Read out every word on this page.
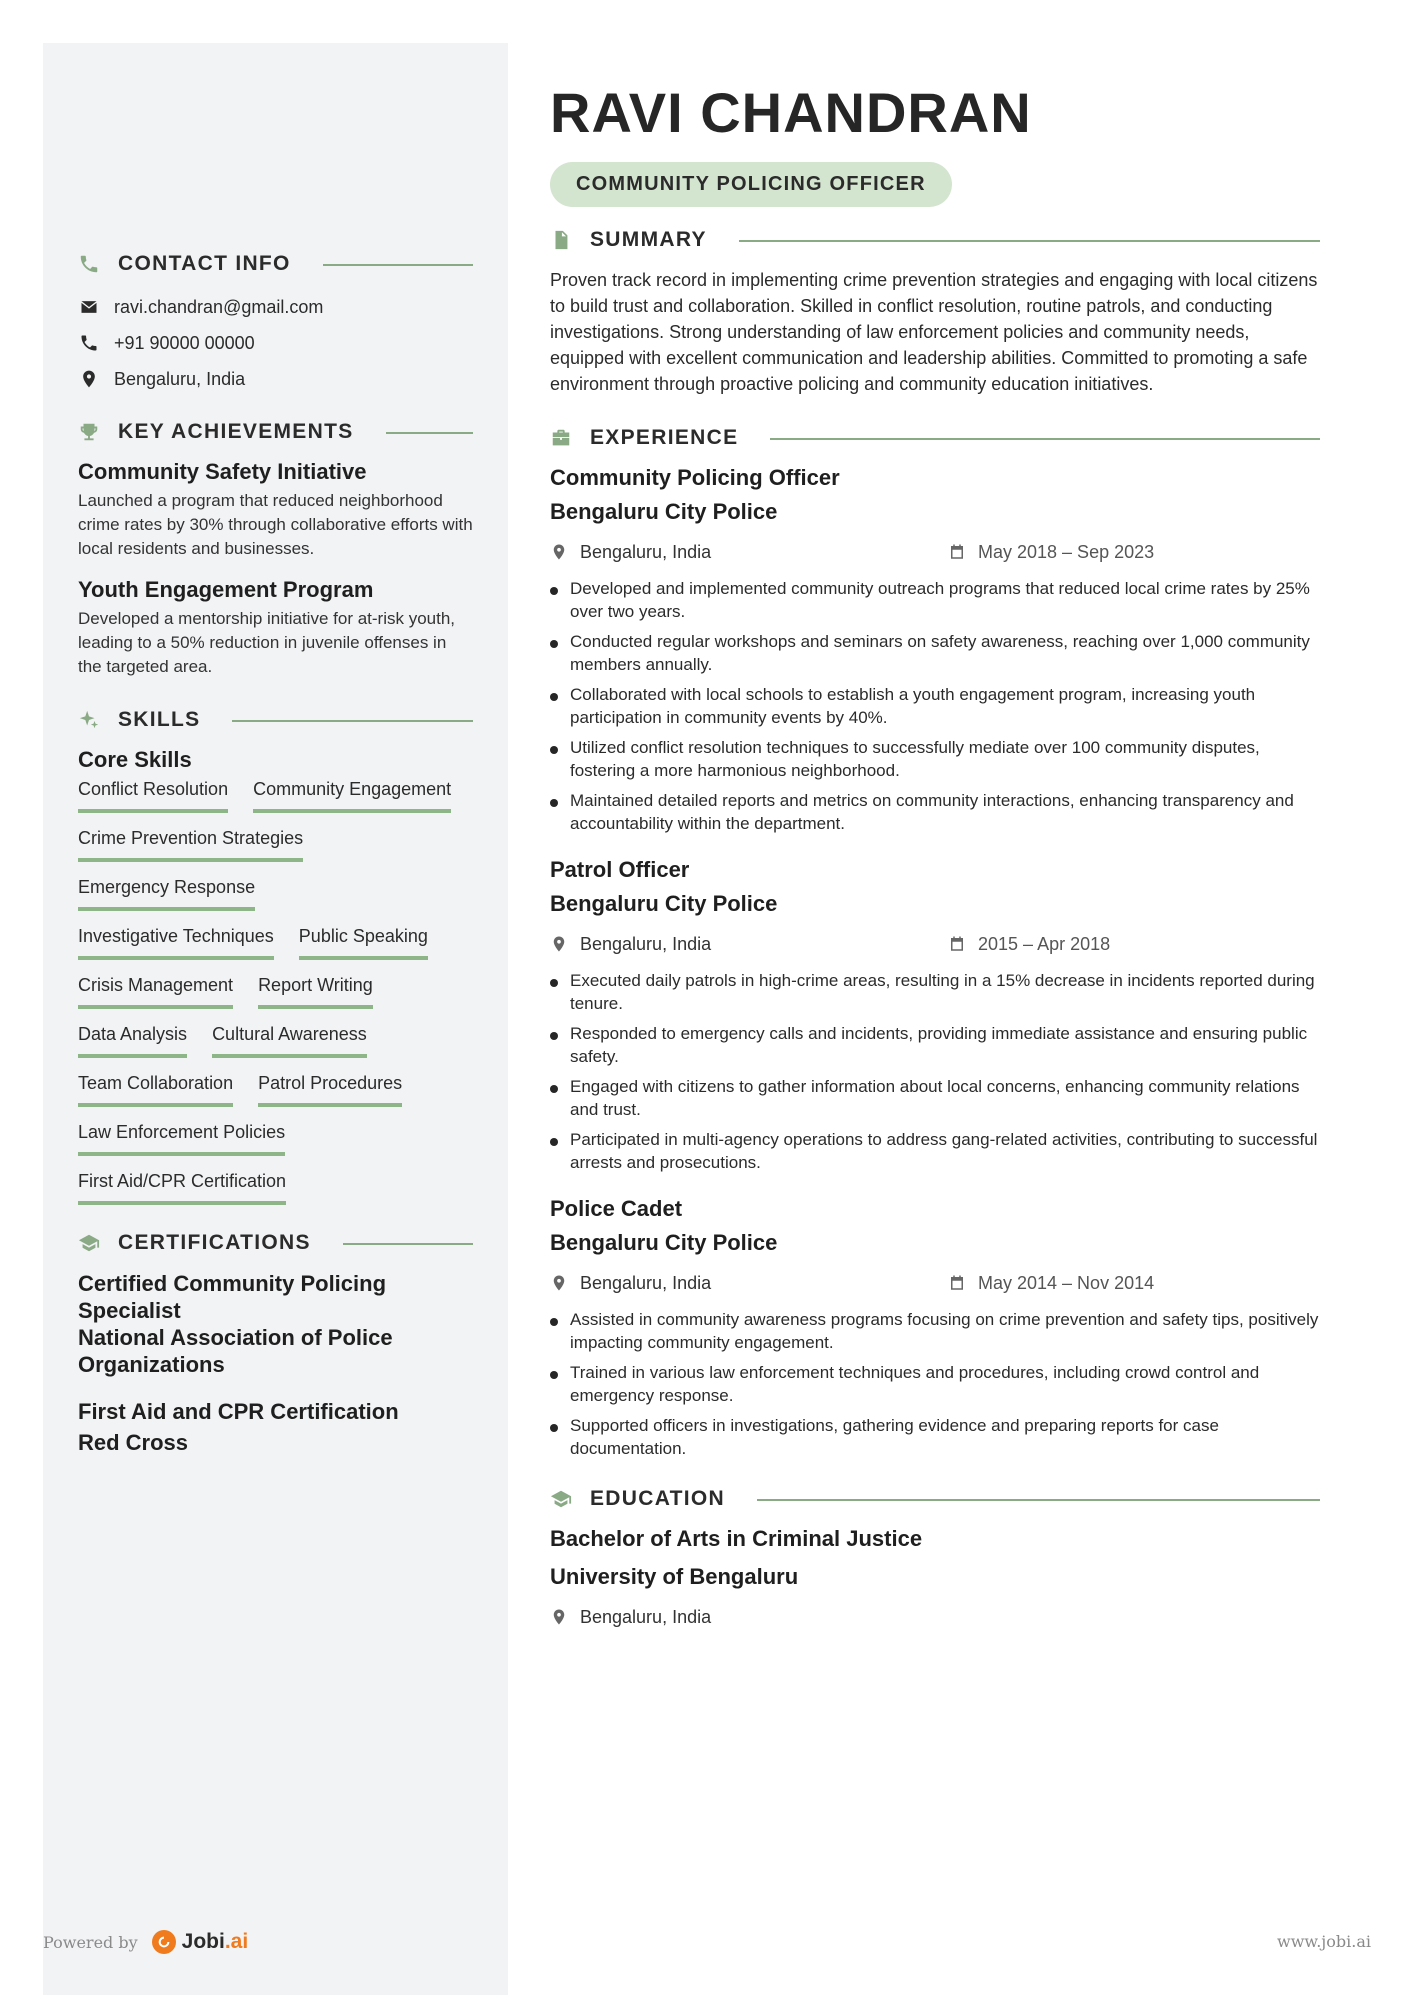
CONTACT INFO
ravi.chandran@gmail.com
+91 90000 00000
Bengaluru, India
KEY ACHIEVEMENTS
Community Safety Initiative
Launched a program that reduced neighborhood crime rates by 30% through collaborative efforts with local residents and businesses.
Youth Engagement Program
Developed a mentorship initiative for at-risk youth, leading to a 50% reduction in juvenile offenses in the targeted area.
SKILLS
Core Skills
Conflict Resolution Community Engagement
Crime Prevention Strategies
Emergency Response
Investigative Techniques Public Speaking
Crisis Management Report Writing
Data Analysis Cultural Awareness
Team Collaboration Patrol Procedures
Law Enforcement Policies
First Aid/CPR Certification
CERTIFICATIONS
Certified Community Policing Specialist
National Association of Police Organizations
First Aid and CPR Certification
Red Cross
RAVI CHANDRAN
COMMUNITY POLICING OFFICER
SUMMARY
Proven track record in implementing crime prevention strategies and engaging with local citizens to build trust and collaboration. Skilled in conflict resolution, routine patrols, and conducting investigations. Strong understanding of law enforcement policies and community needs, equipped with excellent communication and leadership abilities. Committed to promoting a safe environment through proactive policing and community education initiatives.
EXPERIENCE
Community Policing Officer
Bengaluru City Police
Bengaluru, India	May 2018 – Sep 2023
Developed and implemented community outreach programs that reduced local crime rates by 25% over two years.
Conducted regular workshops and seminars on safety awareness, reaching over 1,000 community members annually.
Collaborated with local schools to establish a youth engagement program, increasing youth participation in community events by 40%.
Utilized conflict resolution techniques to successfully mediate over 100 community disputes, fostering a more harmonious neighborhood.
Maintained detailed reports and metrics on community interactions, enhancing transparency and accountability within the department.
Patrol Officer
Bengaluru City Police
Bengaluru, India	2015 – Apr 2018
Executed daily patrols in high-crime areas, resulting in a 15% decrease in incidents reported during tenure.
Responded to emergency calls and incidents, providing immediate assistance and ensuring public safety.
Engaged with citizens to gather information about local concerns, enhancing community relations and trust.
Participated in multi-agency operations to address gang-related activities, contributing to successful arrests and prosecutions.
Police Cadet
Bengaluru City Police
Bengaluru, India	May 2014 – Nov 2014
Assisted in community awareness programs focusing on crime prevention and safety tips, positively impacting community engagement.
Trained in various law enforcement techniques and procedures, including crowd control and emergency response.
Supported officers in investigations, gathering evidence and preparing reports for case documentation.
EDUCATION
Bachelor of Arts in Criminal Justice
University of Bengaluru
Bengaluru, India
Powered by Jobi.ai	www.jobi.ai
